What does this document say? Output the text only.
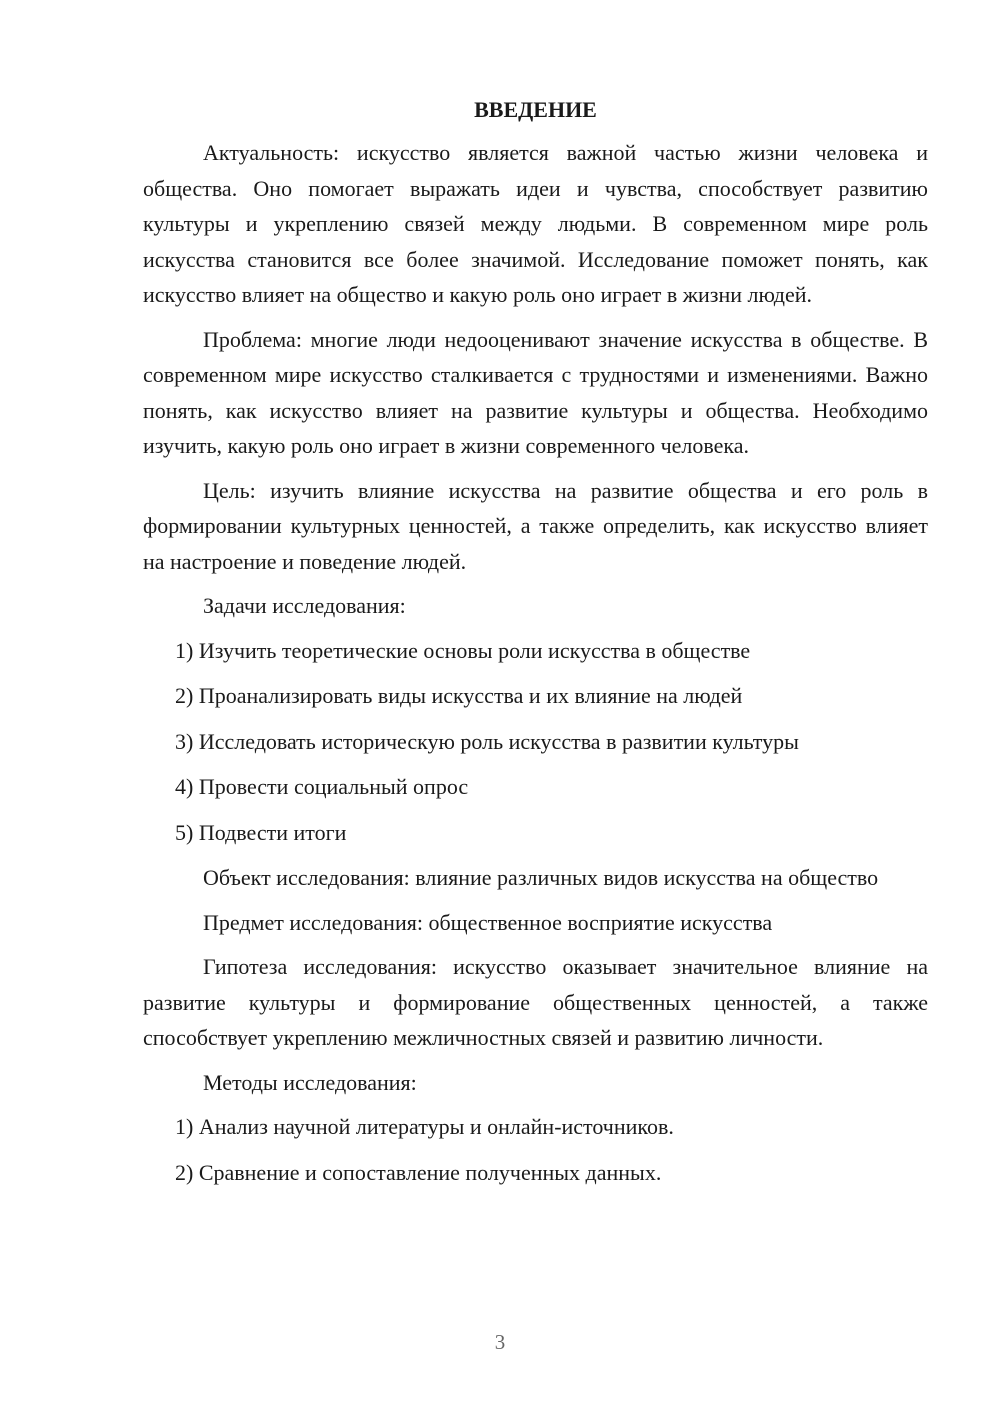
ВВЕДЕНИЕ

Актуальность: искусство является важной частью жизни человека и общества. Оно помогает выражать идеи и чувства, способствует развитию культуры и укреплению связей между людьми. В современном мире роль искусства становится все более значимой. Исследование поможет понять, как искусство влияет на общество и какую роль оно играет в жизни людей.

Проблема: многие люди недооценивают значение искусства в обществе. В современном мире искусство сталкивается с трудностями и изменениями. Важно понять, как искусство влияет на развитие культуры и общества. Необходимо изучить, какую роль оно играет в жизни современного человека.

Цель: изучить влияние искусства на развитие общества и его роль в формировании культурных ценностей, а также определить, как искусство влияет на настроение и поведение людей.

Задачи исследования:

1) Изучить теоретические основы роли искусства в обществе

2) Проанализировать виды искусства и их влияние на людей

3) Исследовать историческую роль искусства в развитии культуры

4) Провести социальный опрос

5) Подвести итоги

Объект исследования: влияние различных видов искусства на общество

Предмет исследования: общественное восприятие искусства

Гипотеза исследования: искусство оказывает значительное влияние на развитие культуры и формирование общественных ценностей, а также способствует укреплению межличностных связей и развитию личности.

Методы исследования:

1) Анализ научной литературы и онлайн-источников.

2) Сравнение и сопоставление полученных данных.

3
